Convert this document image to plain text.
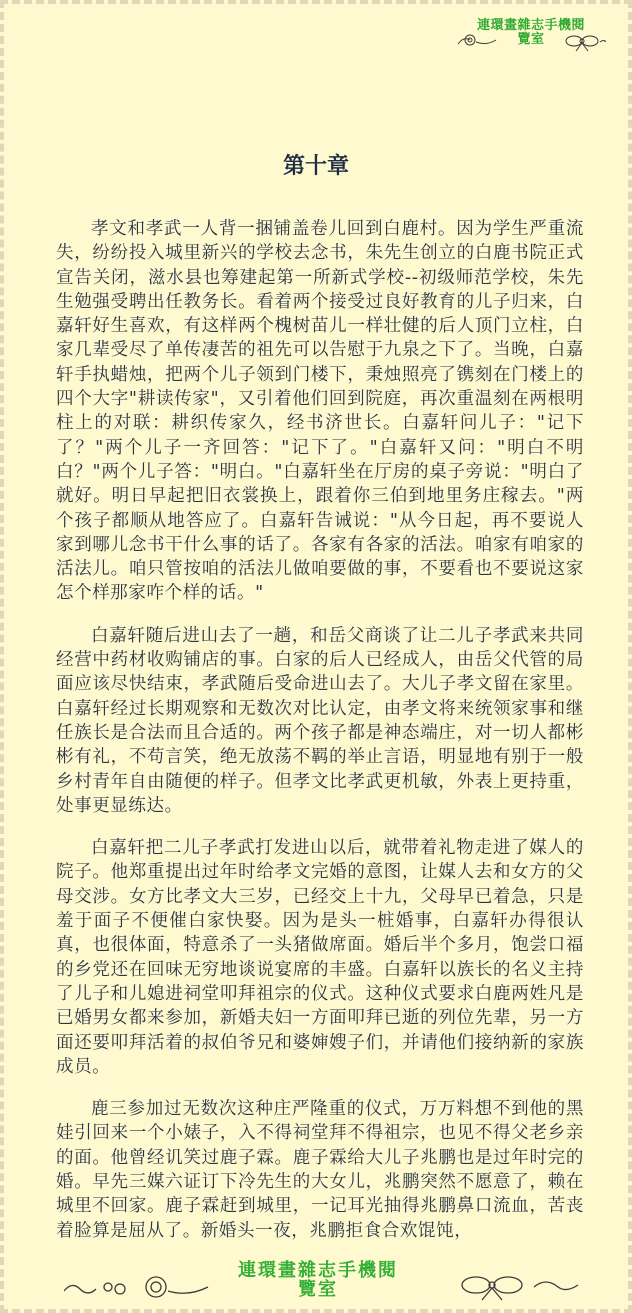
連環畫雜志手機閱
覽室
第十章

孝文和孝武一人背一捆铺盖卷儿回到白鹿村。因为学生严重流失，纷纷投入城里新兴的学校去念书，朱先生创立的白鹿书院正式宣告关闭，滋水县也筹建起第一所新式学校--初级师范学校，朱先生勉强受聘出任教务长。看着两个接受过良好教育的儿子归来，白嘉轩好生喜欢，有这样两个槐树苗儿一样壮健的后人顶门立柱，白家几辈受尽了单传凄苦的祖先可以告慰于九泉之下了。当晚，白嘉轩手执蜡烛，把两个儿子领到门楼下，秉烛照亮了镌刻在门楼上的四个大字"耕读传家"，又引着他们回到院庭，再次重温刻在两根明柱上的对联：耕织传家久，经书济世长。白嘉轩问儿子："记下了？"两个儿子一齐回答："记下了。"白嘉轩又问："明白不明白？"两个儿子答："明白。"白嘉轩坐在厅房的桌子旁说："明白了就好。明日早起把旧衣裳换上，跟着你三伯到地里务庄稼去。"两个孩子都顺从地答应了。白嘉轩告诫说："从今日起，再不要说人家到哪儿念书干什么事的话了。各家有各家的活法。咱家有咱家的活法儿。咱只管按咱的活法儿做咱要做的事，不要看也不要说这家怎个样那家咋个样的话。"

白嘉轩随后进山去了一趟，和岳父商谈了让二儿子孝武来共同经营中药材收购铺店的事。白家的后人已经成人，由岳父代管的局面应该尽快结束，孝武随后受命进山去了。大儿子孝文留在家里。白嘉轩经过长期观察和无数次对比认定，由孝文将来统领家事和继任族长是合法而且合适的。两个孩子都是神态端庄，对一切人都彬彬有礼，不苟言笑，绝无放荡不羁的举止言语，明显地有别于一般乡村青年自由随便的样子。但孝文比孝武更机敏，外表上更持重，处事更显练达。

白嘉轩把二儿子孝武打发进山以后，就带着礼物走进了媒人的院子。他郑重提出过年时给孝文完婚的意图，让媒人去和女方的父母交涉。女方比孝文大三岁，已经交上十九，父母早已着急，只是羞于面子不便催白家快娶。因为是头一桩婚事，白嘉轩办得很认真，也很体面，特意杀了一头猪做席面。婚后半个多月，饱尝口福的乡党还在回味无穷地谈说宴席的丰盛。白嘉轩以族长的名义主持了儿子和儿媳进祠堂叩拜祖宗的仪式。这种仪式要求白鹿两姓凡是已婚男女都来参加，新婚夫妇一方面叩拜已逝的列位先辈，另一方面还要叩拜活着的叔伯爷兄和婆婶嫂子们，并请他们接纳新的家族成员。

鹿三参加过无数次这种庄严隆重的仪式，万万料想不到他的黑娃引回来一个小婊子，入不得祠堂拜不得祖宗，也见不得父老乡亲的面。他曾经讥笑过鹿子霖。鹿子霖给大儿子兆鹏也是过年时完的婚。早先三媒六证订下冷先生的大女儿，兆鹏突然不愿意了，赖在城里不回家。鹿子霖赶到城里，一记耳光抽得兆鹏鼻口流血，苦丧着脸算是屈从了。新婚头一夜，兆鹏拒食合欢馄饨，

連環畫雜志手機閱
覽室
